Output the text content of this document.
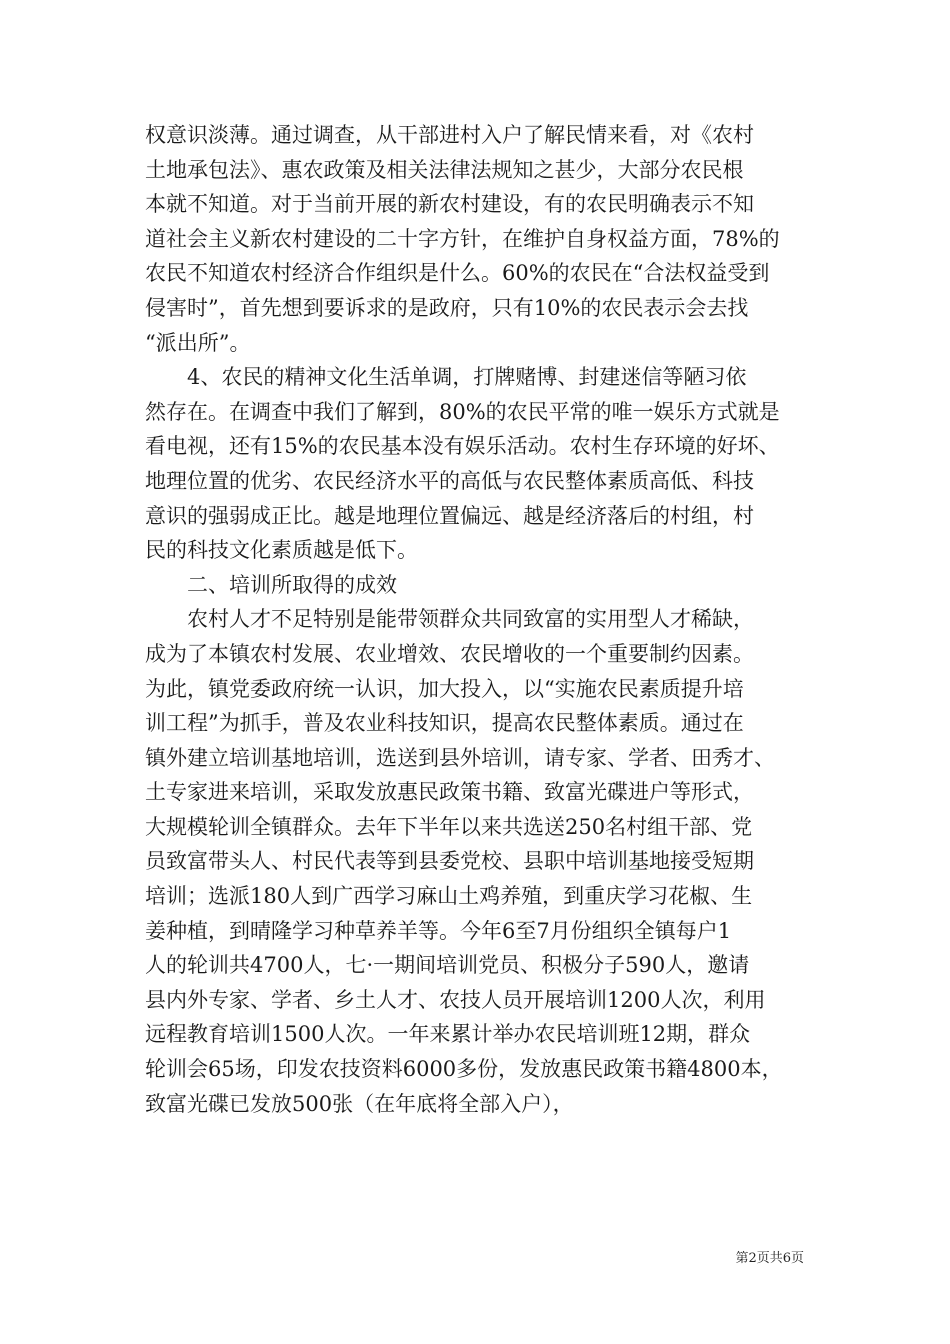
权意识淡薄。通过调查，从干部进村入户了解民情来看，对《农村
土地承包法》、惠农政策及相关法律法规知之甚少，大部分农民根
本就不知道。对于当前开展的新农村建设，有的农民明确表示不知
道社会主义新农村建设的二十字方针，在维护自身权益方面，78%的
农民不知道农村经济合作组织是什么。60%的农民在“合法权益受到
侵害时”，首先想到要诉求的是政府，只有10%的农民表示会去找
“派出所”。
4、农民的精神文化生活单调，打牌赌博、封建迷信等陋习依
然存在。在调查中我们了解到，80%的农民平常的唯一娱乐方式就是
看电视，还有15%的农民基本没有娱乐活动。农村生存环境的好坏、
地理位置的优劣、农民经济水平的高低与农民整体素质高低、科技
意识的强弱成正比。越是地理位置偏远、越是经济落后的村组，村
民的科技文化素质越是低下。
二、培训所取得的成效
农村人才不足特别是能带领群众共同致富的实用型人才稀缺，
成为了本镇农村发展、农业增效、农民增收的一个重要制约因素。
为此，镇党委政府统一认识，加大投入，以“实施农民素质提升培
训工程”为抓手，普及农业科技知识，提高农民整体素质。通过在
镇外建立培训基地培训，选送到县外培训，请专家、学者、田秀才、
土专家进来培训，采取发放惠民政策书籍、致富光碟进户等形式，
大规模轮训全镇群众。去年下半年以来共选送250名村组干部、党
员致富带头人、村民代表等到县委党校、县职中培训基地接受短期
培训；选派180人到广西学习麻山土鸡养殖，到重庆学习花椒、生
姜种植，到晴隆学习种草养羊等。今年6至7月份组织全镇每户1
人的轮训共4700人，七·一期间培训党员、积极分子590人，邀请
县内外专家、学者、乡土人才、农技人员开展培训1200人次，利用
远程教育培训1500人次。一年来累计举办农民培训班12期，群众
轮训会65场，印发农技资料6000多份，发放惠民政策书籍4800本，
致富光碟已发放500张（在年底将全部入户），
第2页共6页
